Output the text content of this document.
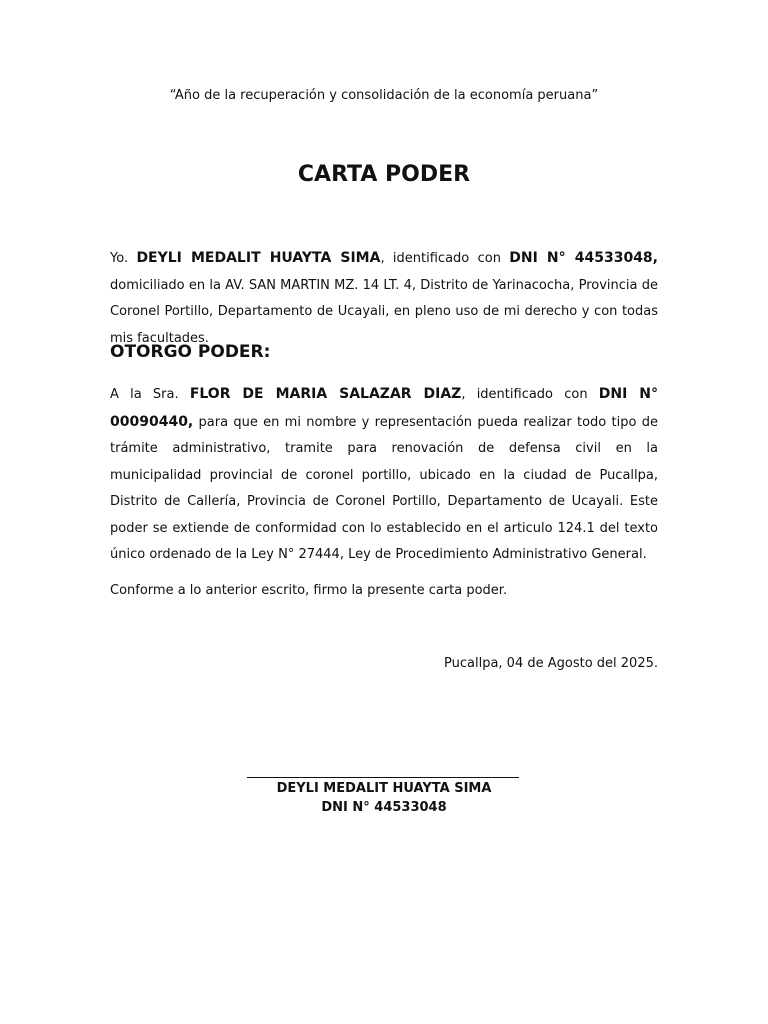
“Año de la recuperación y consolidación de la economía peruana”
CARTA PODER

Yo. DEYLI MEDALIT HUAYTA SIMA, identificado con DNI N° 44533048, domiciliado en la AV. SAN MARTIN MZ. 14 LT. 4, Distrito de Yarinacocha, Provincia de Coronel Portillo, Departamento de Ucayali, en pleno uso de mi derecho y con todas mis facultades.

OTORGO PODER:

A la Sra. FLOR DE MARIA SALAZAR DIAZ, identificado con DNI N° 00090440, para que en mi nombre y representación pueda realizar todo tipo de trámite administrativo, tramite para renovación de defensa civil en la municipalidad provincial de coronel portillo, ubicado en la ciudad de Pucallpa, Distrito de Callería, Provincia de Coronel Portillo, Departamento de Ucayali. Este poder se extiende de conformidad con lo establecido en el articulo 124.1 del texto único ordenado de la Ley N° 27444, Ley de Procedimiento Administrativo General.

Conforme a lo anterior escrito, firmo la presente carta poder.
Pucallpa, 04 de Agosto del 2025.
DEYLI MEDALIT HUAYTA SIMA
DNI N° 44533048
